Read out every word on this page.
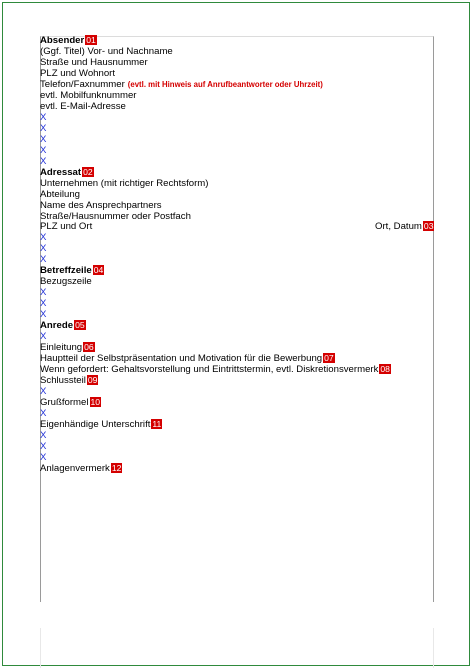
Absender 01
(Ggf. Titel) Vor- und Nachname
Straße und Hausnummer
PLZ und Wohnort
Telefon/Faxnummer (evtl. mit Hinweis auf Anrufbeantworter oder Uhrzeit)
evtl. Mobilfunknummer
evtl. E-Mail-Adresse
X
X
X
X
X
Adressat 02
Unternehmen (mit richtiger Rechtsform)
Abteilung
Name des Ansprechpartners
Straße/Hausnummer oder Postfach
PLZ und Ort	Ort, Datum 03
X
X
X
Betreffzeile 04
Bezugszeile
X
X
X
Anrede 05
X
Einleitung 06
Hauptteil der Selbstpräsentation und Motivation für die Bewerbung 07
Wenn gefordert: Gehaltsvorstellung und Eintrittstermin, evtl. Diskretionsvermerk 08
Schlussteil 09
X
Grußformel 10
X
Eigenhändige Unterschrift 11
X
X
X
Anlagenvermerk 12
